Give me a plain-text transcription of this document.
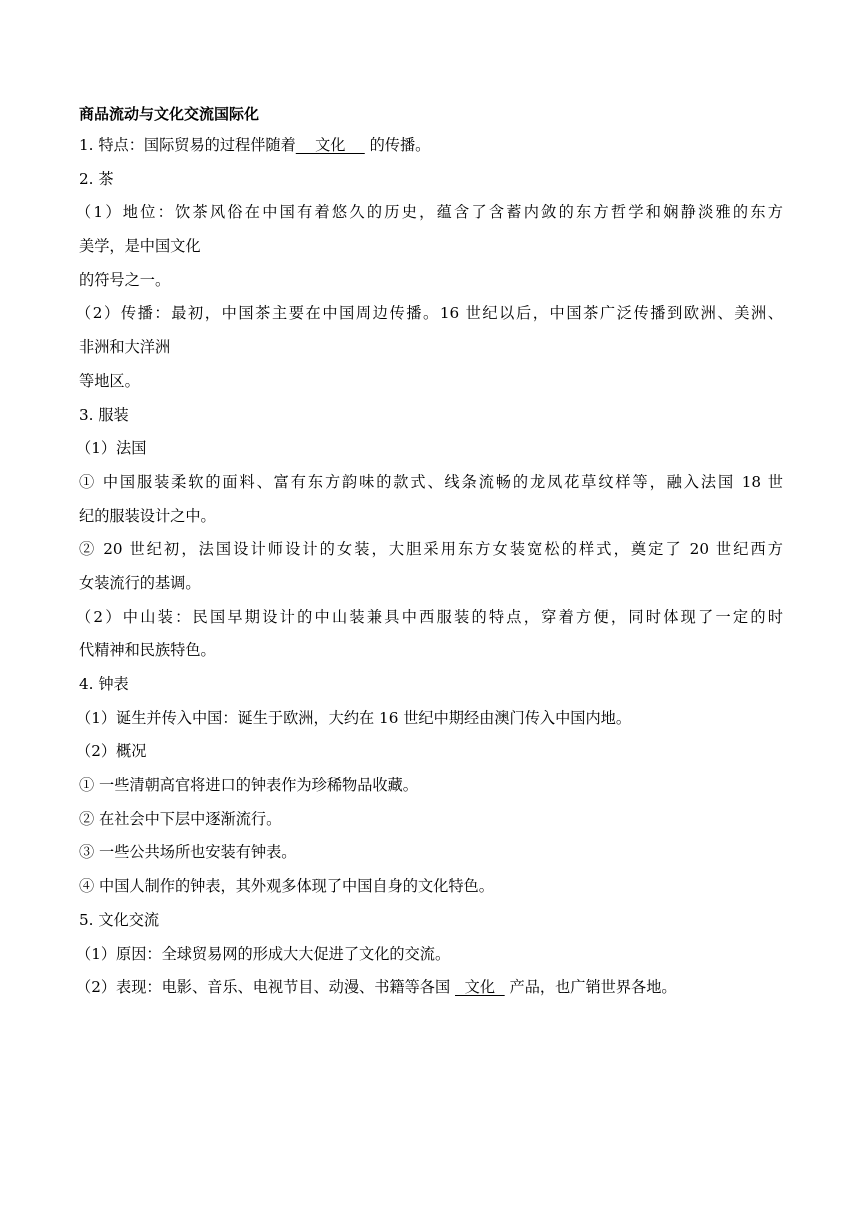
商品流动与文化交流国际化
1. 特点：国际贸易的过程伴随着    文化     的传播。
2. 茶
（1）地位：饮茶风俗在中国有着悠久的历史，蕴含了含蓄内敛的东方哲学和娴静淡雅的东方
美学，是中国文化
的符号之一。
（2）传播：最初，中国茶主要在中国周边传播。16 世纪以后，中国茶广泛传播到欧洲、美洲、
非洲和大洋洲
等地区。
3. 服装
（1）法国
① 中国服装柔软的面料、富有东方韵味的款式、线条流畅的龙凤花草纹样等，融入法国 18 世
纪的服装设计之中。
② 20 世纪初，法国设计师设计的女装，大胆采用东方女装宽松的样式，奠定了 20 世纪西方
女装流行的基调。
（2）中山装：民国早期设计的中山装兼具中西服装的特点，穿着方便，同时体现了一定的时
代精神和民族特色。
4. 钟表
（1）诞生并传入中国：诞生于欧洲，大约在 16 世纪中期经由澳门传入中国内地。
（2）概况
① 一些清朝高官将进口的钟表作为珍稀物品收藏。
② 在社会中下层中逐渐流行。
③ 一些公共场所也安装有钟表。
④ 中国人制作的钟表，其外观多体现了中国自身的文化特色。
5. 文化交流
（1）原因：全球贸易网的形成大大促进了文化的交流。
（2）表现：电影、音乐、电视节目、动漫、书籍等各国   文化   产品，也广销世界各地。
